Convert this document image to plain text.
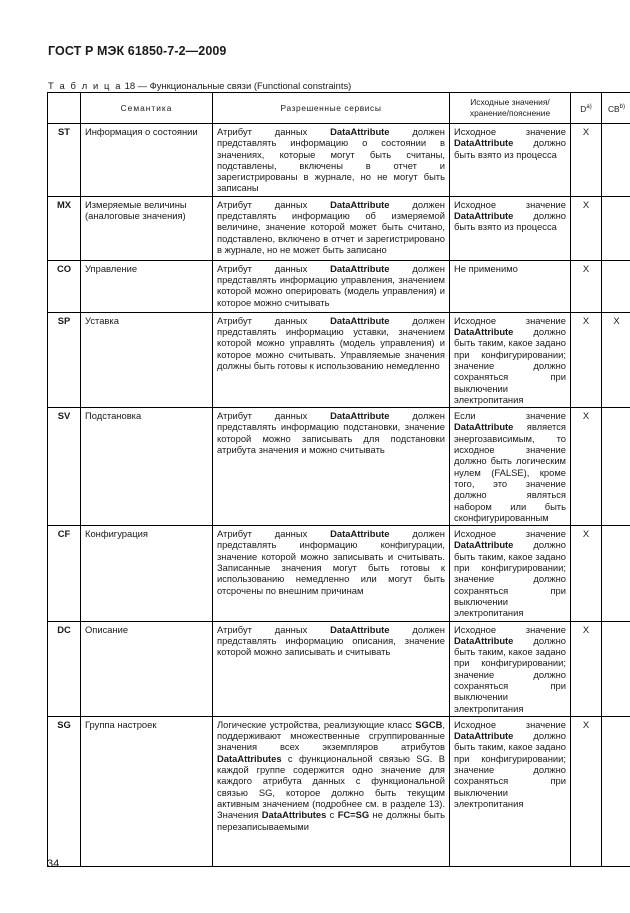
ГОСТ Р МЭК 61850-7-2—2009
Т а б л и ц а 18 — Функциональные связи (Functional constraints)
	Семантика	Разрешенные сервисы	Исходные значения/ хранение/пояснение	$D^{a)}$	CB$^{b)}$
ST	Информация о состоянии	Атрибут данных DataAttribute должен представлять информацию о состоянии в значениях, которые могут быть считаны, подставлены, включены в отчет и зарегистрированы в журнале, но не могут быть записаны	Исходное значение DataAttribute должно быть взято из процесса	X	
MX	Измеряемые величины (аналоговые значения)	Атрибут данных DataAttribute должен представлять информацию об измеряемой величине, значение которой может быть считано, подставлено, включено в отчет и зарегистрировано в журнале, но не может быть записано	Исходное значение DataAttribute должно быть взято из процесса	X	
CO	Управление	Атрибут данных DataAttribute должен представлять информацию управления, значением которой можно оперировать (модель управления) и которое можно считывать	Не применимо	X	
SP	Уставка	Атрибут данных DataAttribute должен представлять информацию уставки, значением которой можно управлять (модель управления) и которое можно считывать. Управляемые значения должны быть готовы к использованию немедленно	Исходное значение DataAttribute должно быть таким, какое задано при конфигурировании; значение должно сохраняться при выключении электропитания	X	X
SV	Подстановка	Атрибут данных DataAttribute должен представлять информацию подстановки, значение которой можно записывать для подстановки атрибута значения и можно считывать	Если значение DataAttribute является энергозависимым, то исходное значение должно быть логическим нулем (FALSE), кроме того, это значение должно являться набором или быть сконфигурированным	X	
CF	Конфигурация	Атрибут данных DataAttribute должен представлять информацию конфигурации, значение которой можно записывать и считывать. Записанные значения могут быть готовы к использованию немедленно или могут быть отсрочены по внешним причинам	Исходное значение DataAttribute должно быть таким, какое задано при конфигурировании; значение должно сохраняться при выключении электропитания	X	
DC	Описание	Атрибут данных DataAttribute должен представлять информацию описания, значение которой можно записывать и считывать	Исходное значение DataAttribute должно быть таким, какое задано при конфигурировании; значение должно сохраняться при выключении электропитания	X	
SG	Группа настроек	Логические устройства, реализующие класс SGCB, поддерживают множественные сгруппированные значения всех экземпляров атрибутов DataAttributes с функциональной связью SG. В каждой группе содержится одно значение для каждого атрибута данных с функциональной связью SG, которое должно быть текущим активным значением (подробнее см. в разделе 13). Значения DataAttributes с FC=SG не должны быть перезаписываемыми	Исходное значение DataAttribute должно быть таким, какое задано при конфигурировании; значение должно сохраняться при выключении электропитания	X	
34
